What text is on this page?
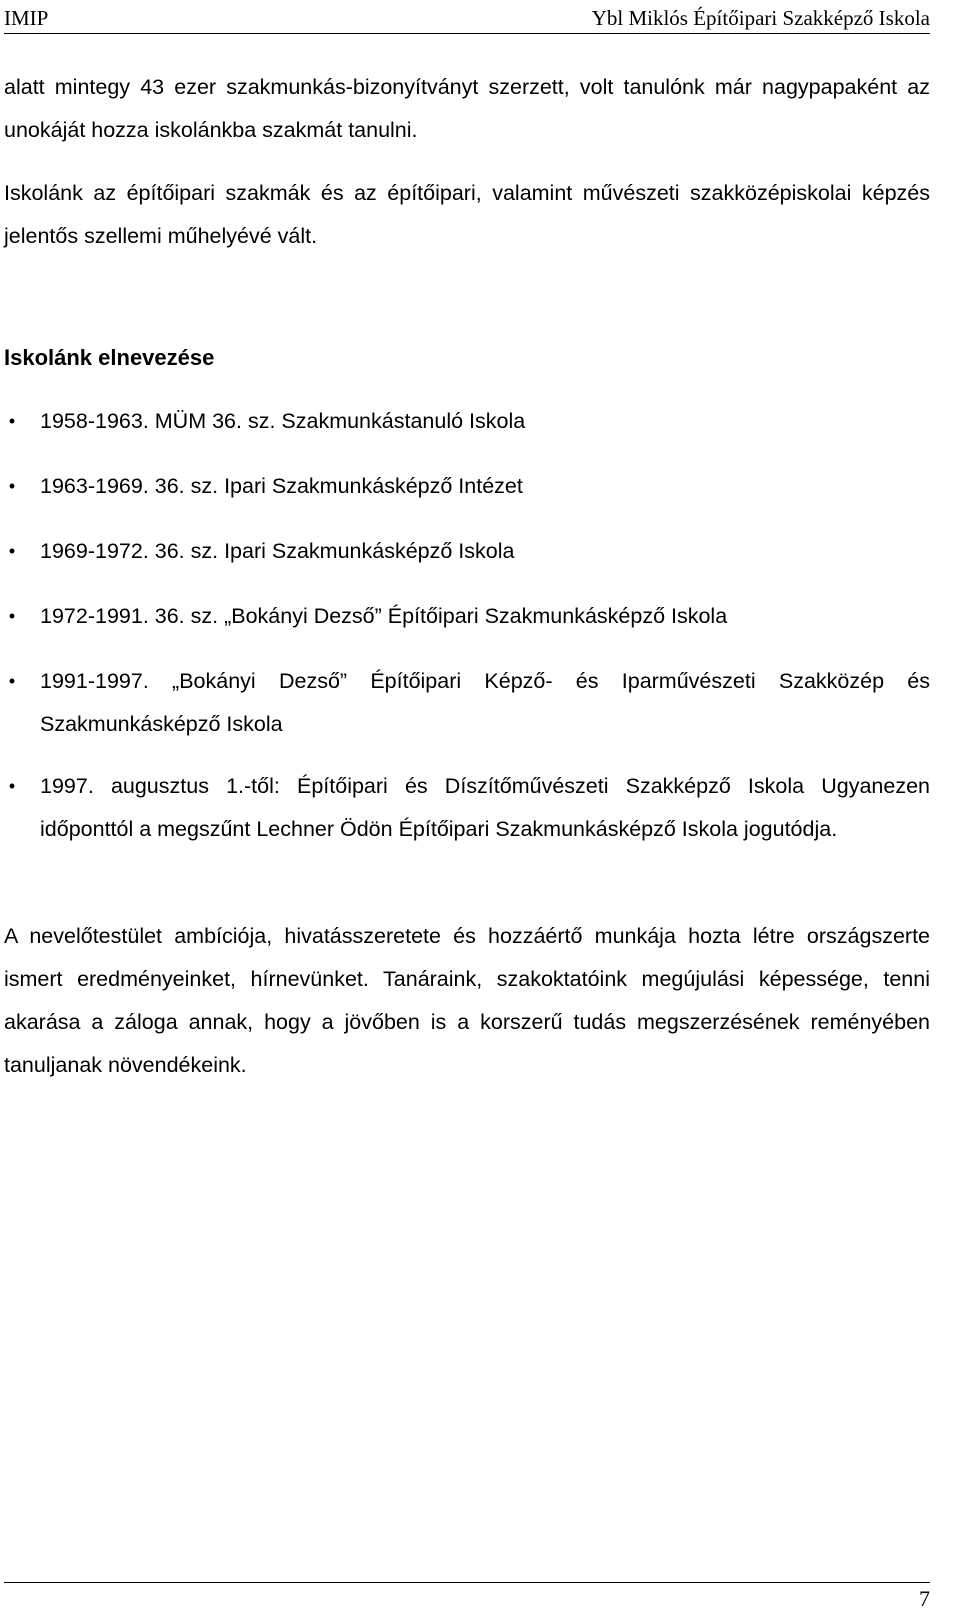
IMIP	Ybl Miklós Építőipari Szakképző Iskola

alatt mintegy 43 ezer szakmunkás-bizonyítványt szerzett, volt tanulónk már nagypapaként az unokáját hozza iskolánkba szakmát tanulni.

Iskolánk az építőipari szakmák és az építőipari, valamint művészeti szakközépiskolai képzés jelentős szellemi műhelyévé vált.

Iskolánk elnevezése
•	1958-1963. MÜM 36. sz. Szakmunkástanuló Iskola
•	1963-1969. 36. sz. Ipari Szakmunkásképző Intézet
•	1969-1972. 36. sz. Ipari Szakmunkásképző Iskola
•	1972-1991. 36. sz. „Bokányi Dezső” Építőipari Szakmunkásképző Iskola
•	1991-1997. „Bokányi Dezső” Építőipari Képző- és Iparművészeti Szakközép és Szakmunkásképző Iskola
•	1997. augusztus 1.-től: Építőipari és Díszítőművészeti Szakképző Iskola Ugyanezen időponttól a megszűnt Lechner Ödön Építőipari Szakmunkásképző Iskola jogutódja.

A nevelőtestület ambíciója, hivatásszeretete és hozzáértő munkája hozta létre országszerte ismert eredményeinket, hírnevünket. Tanáraink, szakoktatóink megújulási képessége, tenni akarása a záloga annak, hogy a jövőben is a korszerű tudás megszerzésének reményében tanuljanak növendékeink.

7
